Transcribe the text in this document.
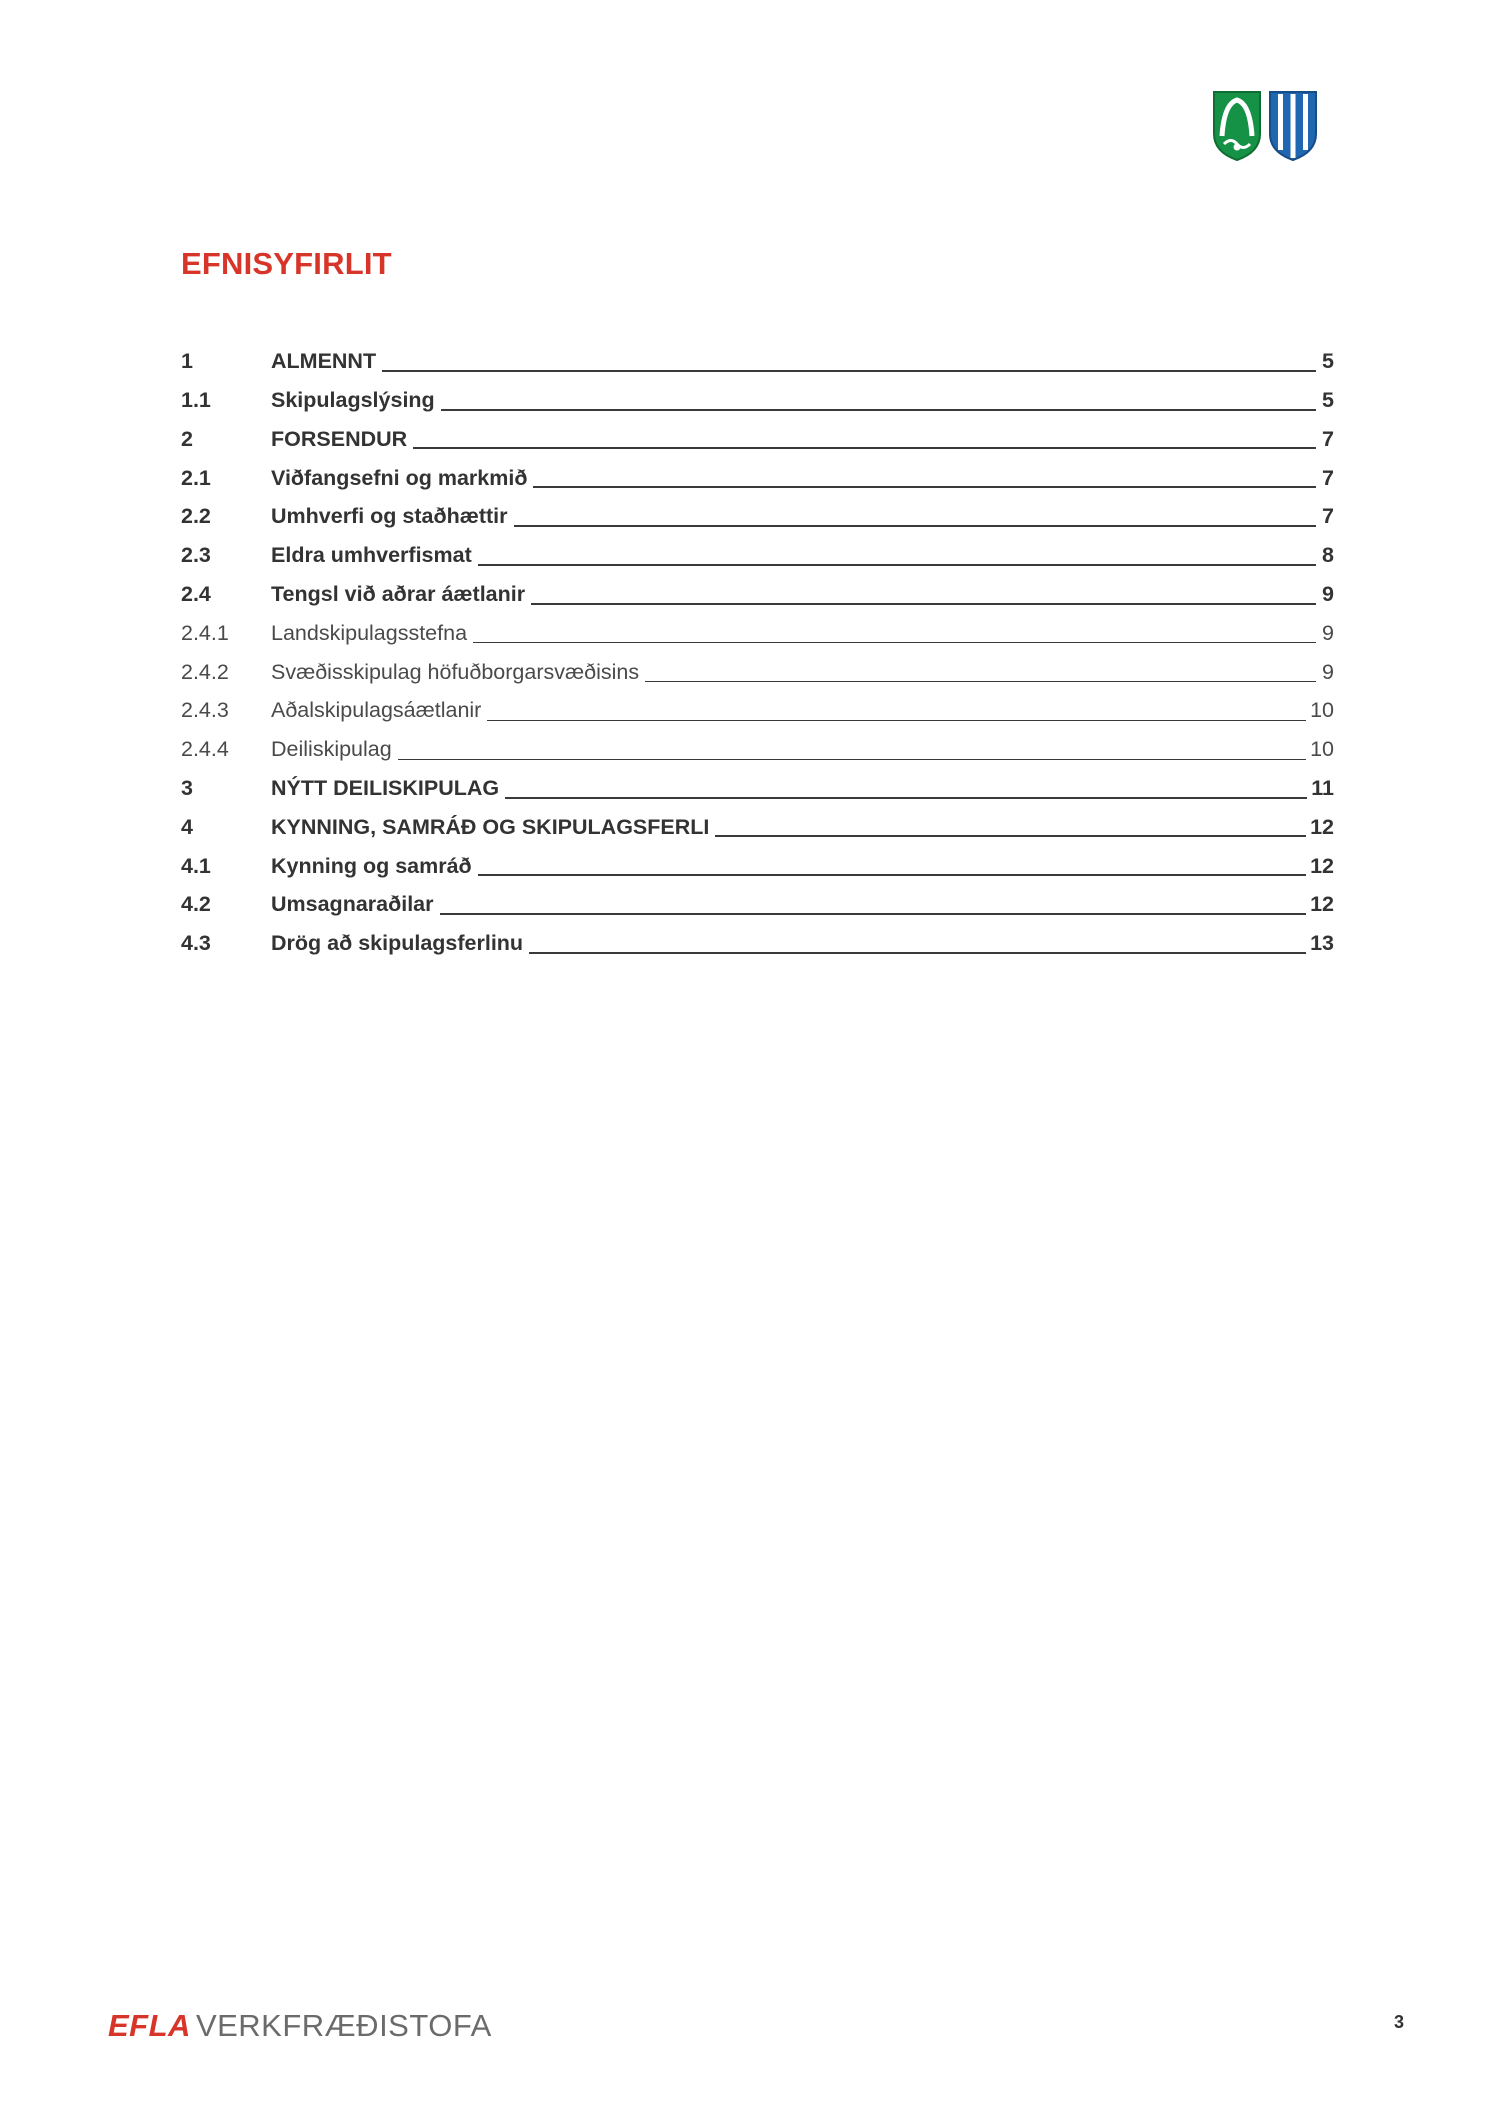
EFNISYFIRLIT
1	ALMENNT	5
1.1	Skipulagslýsing	5
2	FORSENDUR	7
2.1	Viðfangsefni og markmið	7
2.2	Umhverfi og staðhættir	7
2.3	Eldra umhverfismat	8
2.4	Tengsl við aðrar áætlanir	9
2.4.1	Landskipulagsstefna	9
2.4.2	Svæðisskipulag höfuðborgarsvæðisins	9
2.4.3	Aðalskipulagsáætlanir	10
2.4.4	Deiliskipulag	10
3	NÝTT DEILISKIPULAG	11
4	KYNNING, SAMRÁÐ OG SKIPULAGSFERLI	12
4.1	Kynning og samráð	12
4.2	Umsagnaraðilar	12
4.3	Drög að skipulagsferlinu	13
EFLA VERKFRÆÐISTOFA	3
